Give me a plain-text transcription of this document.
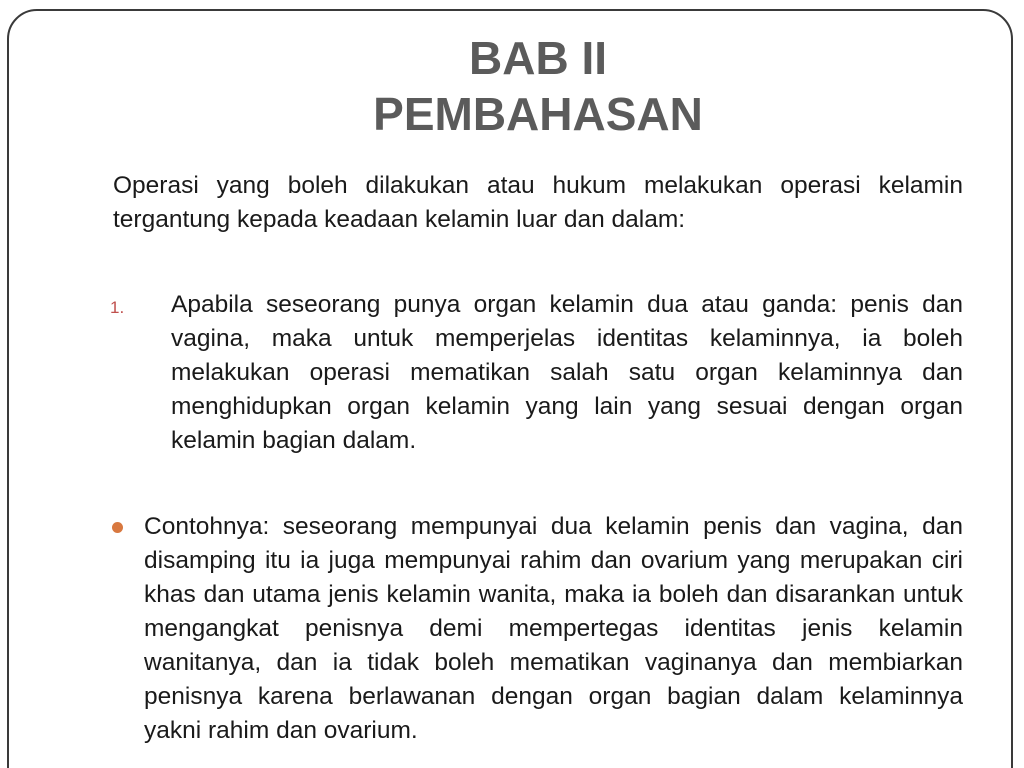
BAB II
PEMBAHASAN
Operasi yang boleh dilakukan atau hukum melakukan operasi kelamin tergantung kepada keadaan kelamin luar dan dalam:
1. Apabila seseorang punya organ kelamin dua atau ganda: penis dan vagina, maka untuk memperjelas identitas kelaminnya, ia boleh melakukan operasi mematikan salah satu organ kelaminnya dan menghidupkan organ kelamin yang lain yang sesuai dengan organ kelamin bagian dalam.
Contohnya: seseorang mempunyai dua kelamin penis dan vagina, dan disamping itu ia juga mempunyai rahim dan ovarium yang merupakan ciri khas dan utama jenis kelamin wanita, maka ia boleh dan disarankan untuk mengangkat penisnya demi mempertegas identitas jenis kelamin wanitanya, dan ia tidak boleh mematikan vaginanya dan membiarkan penisnya karena berlawanan dengan organ bagian dalam kelaminnya yakni rahim dan ovarium.
